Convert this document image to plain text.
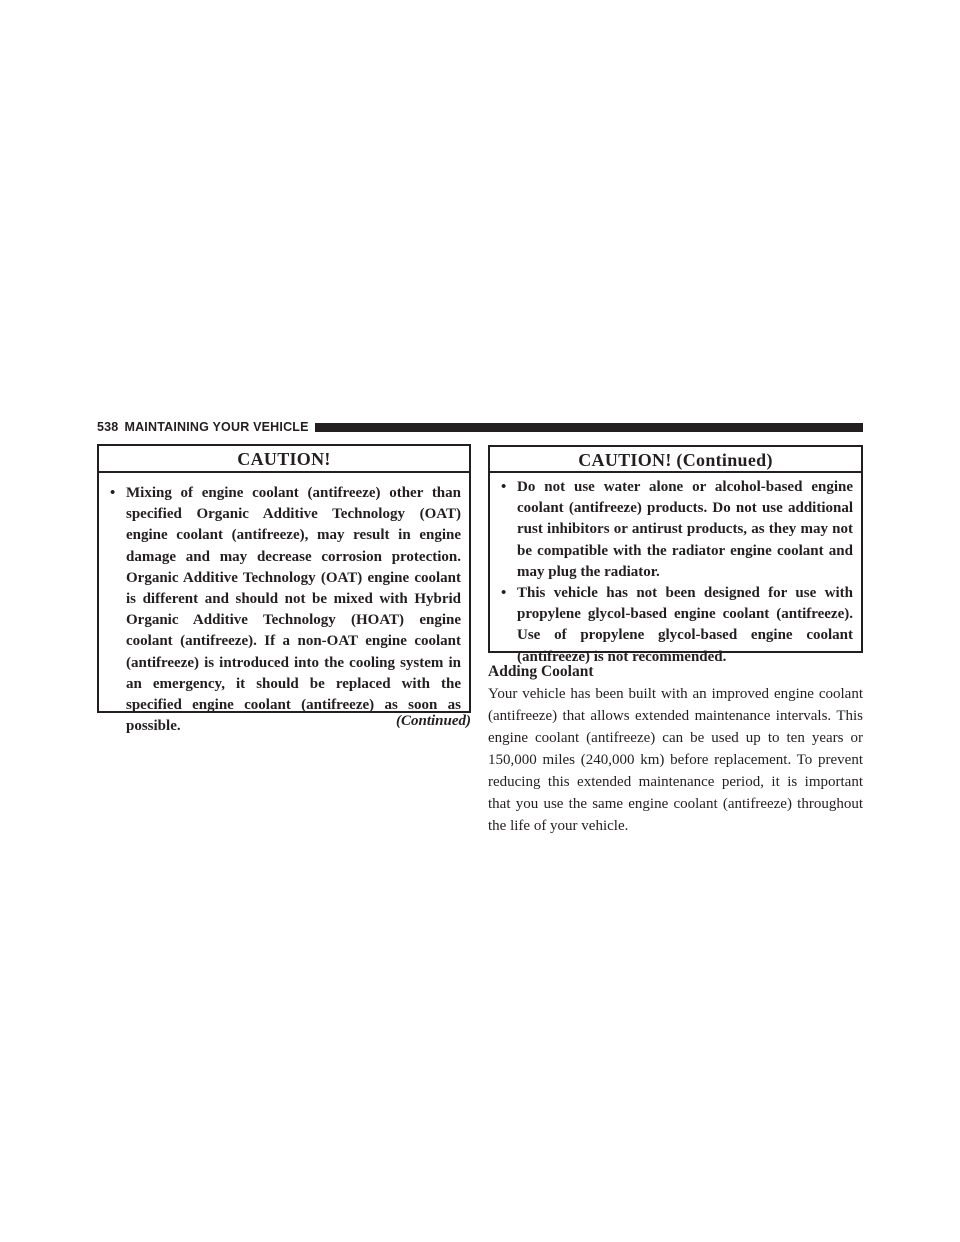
538 MAINTAINING YOUR VEHICLE
CAUTION!
• Mixing of engine coolant (antifreeze) other than specified Organic Additive Technology (OAT) engine coolant (antifreeze), may result in engine damage and may decrease corrosion protection. Organic Additive Technology (OAT) engine coolant is different and should not be mixed with Hybrid Organic Additive Technology (HOAT) engine coolant (antifreeze). If a non-OAT engine coolant (antifreeze) is introduced into the cooling system in an emergency, it should be replaced with the specified engine coolant (antifreeze) as soon as possible.	(Continued)
CAUTION! (Continued)
• Do not use water alone or alcohol-based engine coolant (antifreeze) products. Do not use additional rust inhibitors or antirust products, as they may not be compatible with the radiator engine coolant and may plug the radiator.
• This vehicle has not been designed for use with propylene glycol-based engine coolant (antifreeze). Use of propylene glycol-based engine coolant (antifreeze) is not recommended.
Adding Coolant

Your vehicle has been built with an improved engine coolant (antifreeze) that allows extended maintenance intervals. This engine coolant (antifreeze) can be used up to ten years or 150,000 miles (240,000 km) before replacement. To prevent reducing this extended maintenance period, it is important that you use the same engine coolant (antifreeze) throughout the life of your vehicle.
